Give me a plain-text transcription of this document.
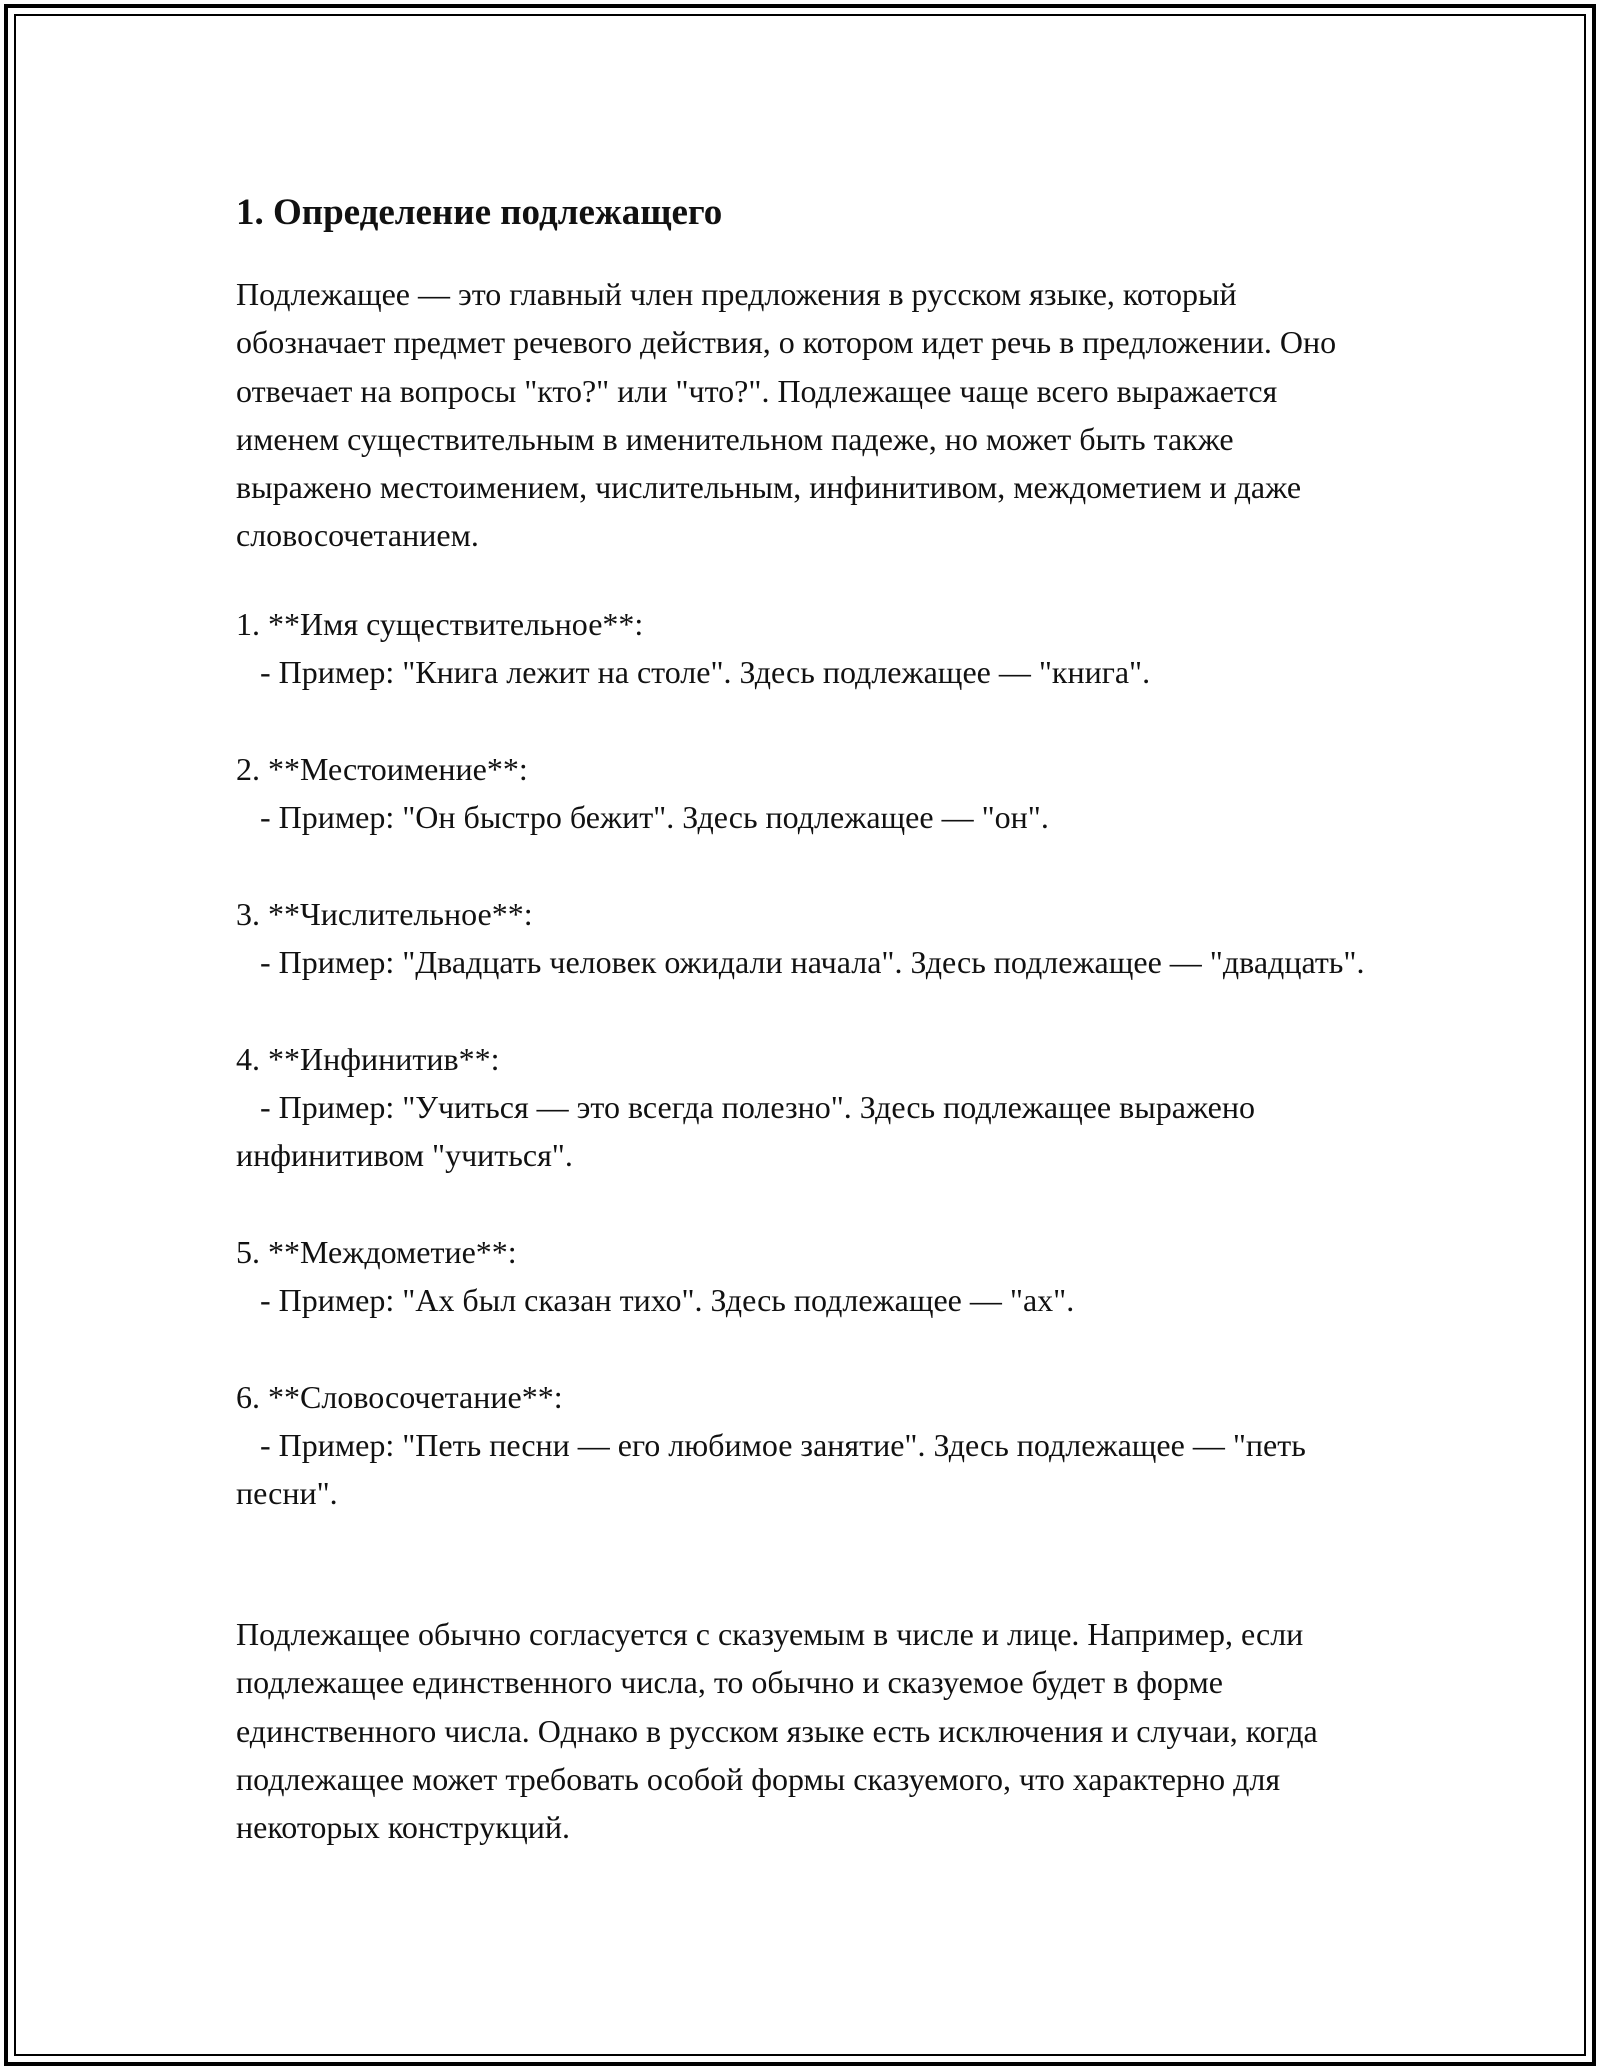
1. Определение подлежащего

Подлежащее — это главный член предложения в русском языке, который обозначает предмет речевого действия, о котором идет речь в предложении. Оно отвечает на вопросы "кто?" или "что?". Подлежащее чаще всего выражается именем существительным в именительном падеже, но может быть также выражено местоимением, числительным, инфинитивом, междометием и даже словосочетанием.

1. **Имя существительное**:
- Пример: "Книга лежит на столе". Здесь подлежащее — "книга".
2. **Местоимение**:
- Пример: "Он быстро бежит". Здесь подлежащее — "он".
3. **Числительное**:
- Пример: "Двадцать человек ожидали начала". Здесь подлежащее — "двадцать".
4. **Инфинитив**:
- Пример: "Учиться — это всегда полезно". Здесь подлежащее выражено инфинитивом "учиться".
5. **Междометие**:
- Пример: "Ах был сказан тихо". Здесь подлежащее — "ах".
6. **Словосочетание**:
- Пример: "Петь песни — его любимое занятие". Здесь подлежащее — "петь песни".

Подлежащее обычно согласуется с сказуемым в числе и лице. Например, если подлежащее единственного числа, то обычно и сказуемое будет в форме единственного числа. Однако в русском языке есть исключения и случаи, когда подлежащее может требовать особой формы сказуемого, что характерно для некоторых конструкций.
